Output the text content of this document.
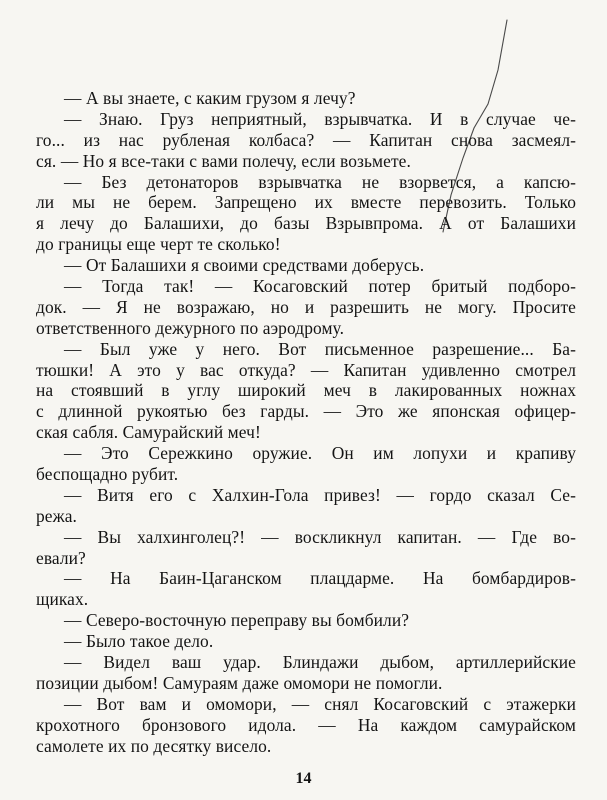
— А вы знаете, с каким грузом я лечу?
— Знаю. Груз неприятный, взрывчатка. И в случае че-
го... из нас рубленая колбаса? — Капитан снова засмеял-
ся. — Но я все-таки с вами полечу, если возьмете.
— Без детонаторов взрывчатка не взорвется, а капсю-
ли мы не берем. Запрещено их вместе перевозить. Только
я лечу до Балашихи, до базы Взрывпрома. А от Балашихи
до границы еще черт те сколько!
— От Балашихи я своими средствами доберусь.
— Тогда так! — Косаговский потер бритый подборо-
док. — Я не возражаю, но и разрешить не могу. Просите
ответственного дежурного по аэродрому.
— Был уже у него. Вот письменное разрешение... Ба-
тюшки! А это у вас откуда? — Капитан удивленно смотрел
на стоявший в углу широкий меч в лакированных ножнах
с длинной рукоятью без гарды. — Это же японская офицер-
ская сабля. Самурайский меч!
— Это Сережкино оружие. Он им лопухи и крапиву
беспощадно рубит.
— Витя его с Халхин-Гола привез! — гордо сказал Се-
режа.
— Вы халхинголец?! — воскликнул капитан. — Где во-
евали?
— На Баин-Цаганском плацдарме. На бомбардиров-
щиках.
— Северо-восточную переправу вы бомбили?
— Было такое дело.
— Видел ваш удар. Блиндажи дыбом, артиллерийские
позиции дыбом! Самураям даже омомори не помогли.
— Вот вам и омомори, — снял Косаговский с этажерки
крохотного бронзового идола. — На каждом самурайском
самолете их по десятку висело.
14
